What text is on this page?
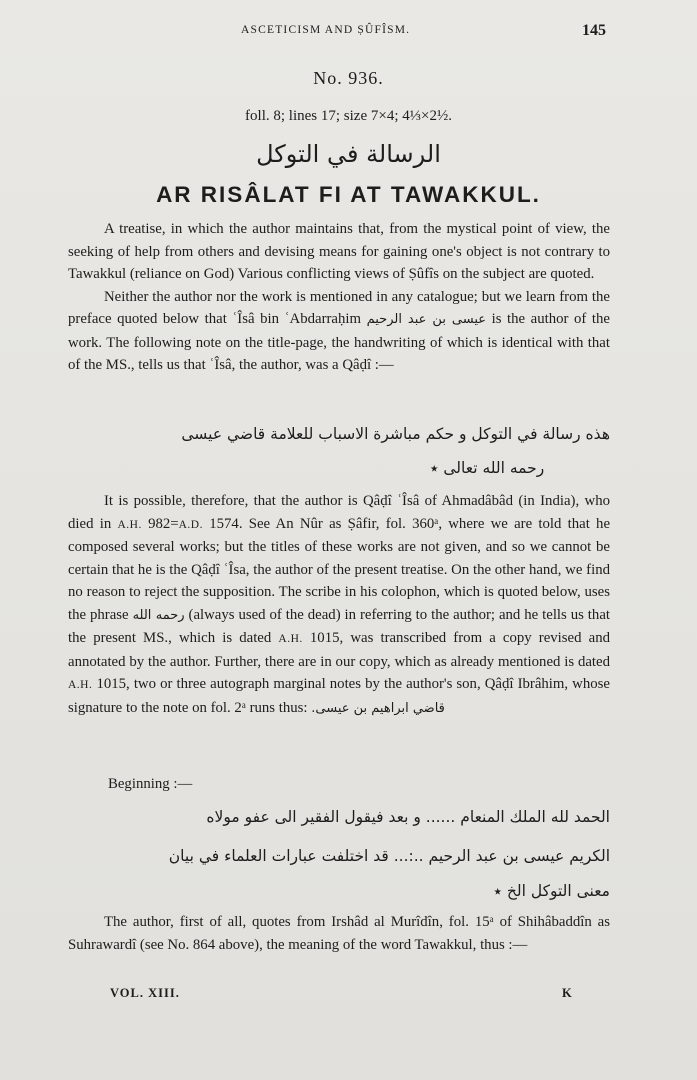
ASCETICISM AND ṢÛFÎSM.	145
No. 936.
foll. 8; lines 17; size 7×4; 4⅓×2½.
الرسالة في التوكل
AR RISÂLAT FI AT TAWAKKUL.

A treatise, in which the author maintains that, from the mystical point of view, the seeking of help from others and devising means for gaining one's object is not contrary to Tawakkul (reliance on God) Various conflicting views of Ṣûfîs on the subject are quoted.

Neither the author nor the work is mentioned in any catalogue; but we learn from the preface quoted below that ʿÎsâ bin ʿAbdarraḥim عيسى بن عبد الرحيم is the author of the work. The following note on the title-page, the handwriting of which is identical with that of the MS., tells us that ʿÎsâ, the author, was a Qâḍî :—

هذه رسالة في التوكل و حكم مباشرة الاسباب للعلامة قاضي عيسى
رحمه الله تعالى ٭

It is possible, therefore, that the author is Qâḍî ʿÎsâ of Ahmadâbâd (in India), who died in A.H. 982=A.D. 1574. See An Nûr as Ṣâfir, fol. 360ᵃ, where we are told that he composed several works; but the titles of these works are not given, and so we cannot be certain that he is the Qâḍî ʿÎsa, the author of the present treatise. On the other hand, we find no reason to reject the supposition. The scribe in his colophon, which is quoted below, uses the phrase رحمه الله (always used of the dead) in referring to the author; and he tells us that the present MS., which is dated A.H. 1015, was transcribed from a copy revised and annotated by the author. Further, there are in our copy, which as already mentioned is dated A.H. 1015, two or three autograph marginal notes by the author's son, Qâḍî Ibrâhim, whose signature to the note on fol. 2ᵃ runs thus: قاضي ابراهيم بن عيسى.

Beginning :—
الحمد لله الملك المنعام ...... و بعد فيقول الفقير الى عفو مولاه
الكريم عيسى بن عبد الرحيم ..:... قد اختلفت عبارات العلماء في بيان
معنى التوكل الخ ٭

The author, first of all, quotes from Irshâd al Murîdîn, fol. 15ᵃ of Shihâbaddîn as Suhrawardî (see No. 864 above), the meaning of the word Tawakkul, thus :—

VOL. XIII.	K
